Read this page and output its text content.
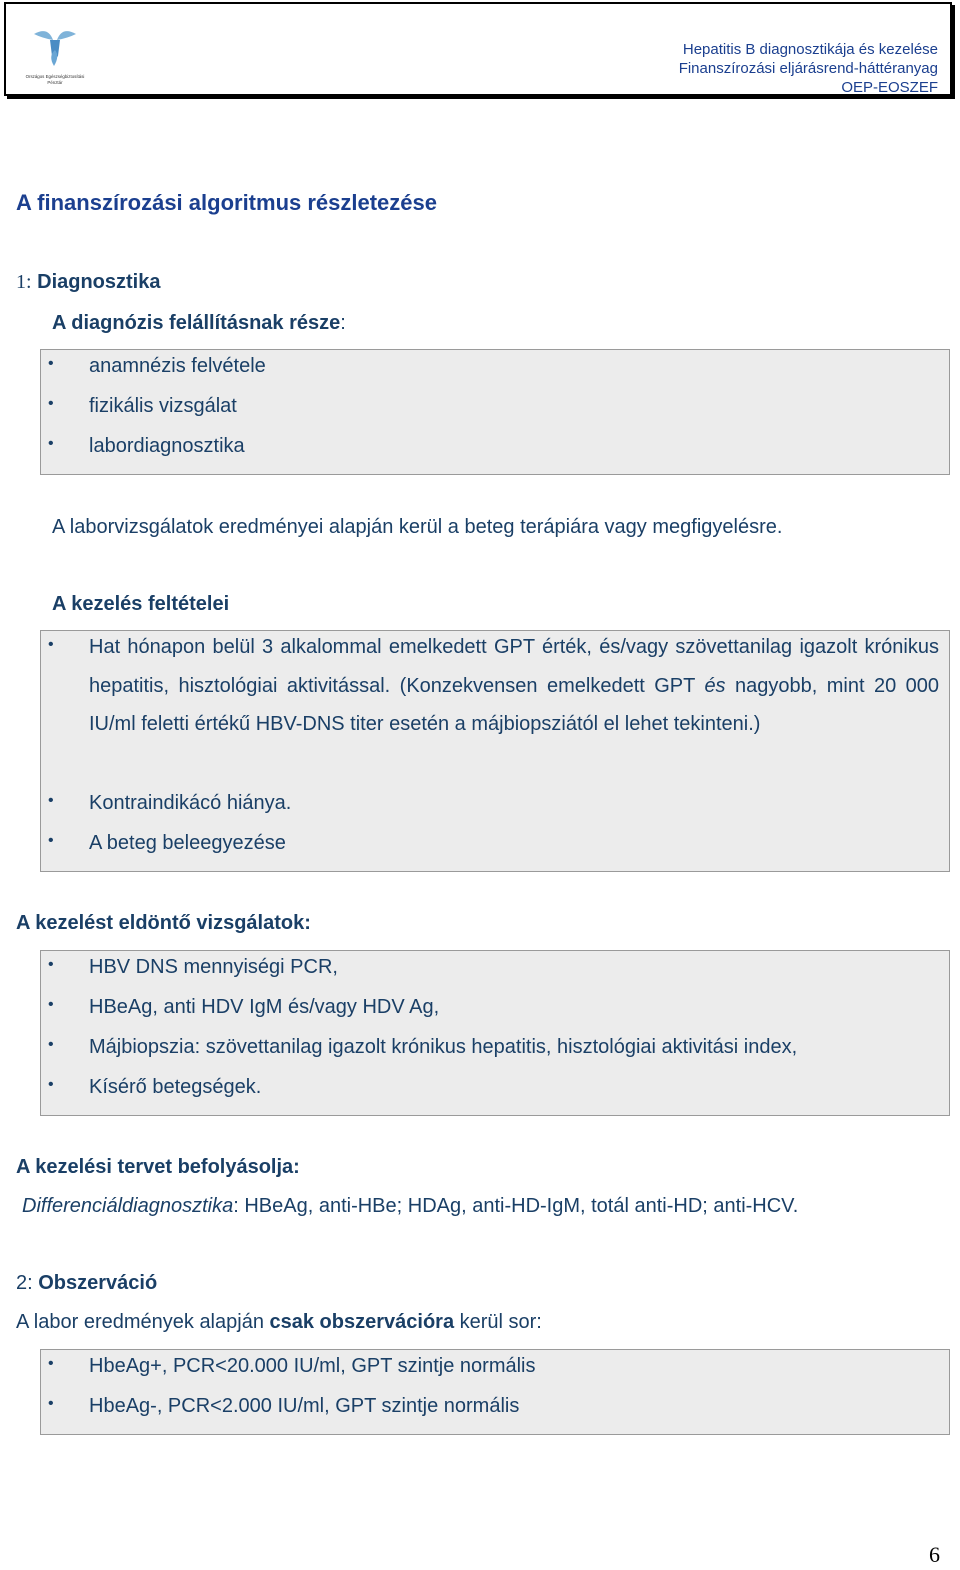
Országos Egészségbiztosítási
Pénztár
Hepatitis B diagnosztikája és kezelése
Finanszírozási eljárásrend-háttéranyag
OEP-EOSZEF
A finanszírozási algoritmus részletezése
1: Diagnosztika
A diagnózis felállításnak része:
• anamnézis felvétele
• fizikális vizsgálat
• labordiagnosztika
A laborvizsgálatok eredményei alapján kerül a beteg terápiára vagy megfigyelésre.
A kezelés feltételei
• Hat hónapon belül 3 alkalommal emelkedett GPT érték, és/vagy szövettanilag igazolt krónikus hepatitis, hisztológiai aktivitással. (Konzekvensen emelkedett GPT és nagyobb, mint 20 000 IU/ml feletti értékű HBV-DNS titer esetén a májbiopsziától el lehet tekinteni.)
• Kontraindikácó hiánya.
• A beteg beleegyezése
A kezelést eldöntő vizsgálatok:
• HBV DNS mennyiségi PCR,
• HBeAg, anti HDV IgM és/vagy HDV Ag,
• Májbiopszia: szövettanilag igazolt krónikus hepatitis, hisztológiai aktivitási index,
• Kísérő betegségek.
A kezelési tervet befolyásolja:
Differenciáldiagnosztika: HBeAg, anti-HBe; HDAg, anti-HD-IgM, totál anti-HD; anti-HCV.
2: Obszerváció
A labor eredmények alapján csak obszervációra kerül sor:
• HbeAg+, PCR<20.000 IU/ml, GPT szintje normális
• HbeAg-, PCR<2.000 IU/ml, GPT szintje normális
6
